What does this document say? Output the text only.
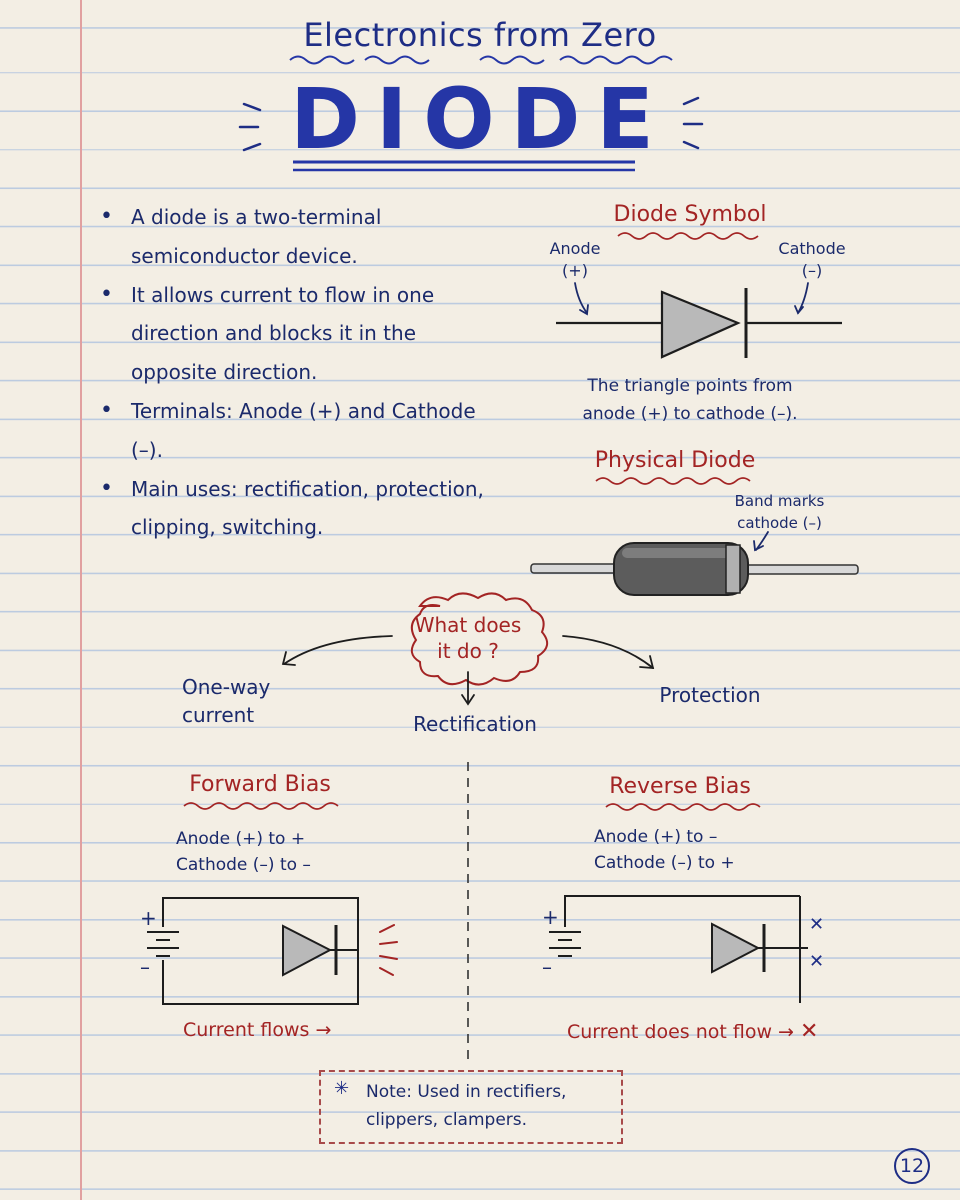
Electronics from Zero
DIODE
• A diode is a two-terminal semiconductor device.
• It allows current to flow in one direction and blocks it in the opposite direction.
• Terminals: Anode (+) and Cathode (–).
• Main uses: rectification, protection, clipping, switching.
Diode Symbol
Anode
(+)
Cathode
(–)
The triangle points from
anode (+) to cathode (–).
Physical Diode
Band marks
cathode (–)
What does
it do ?
One-way
current	Rectification
Protection
Forward Bias
Anode (+) to +
Cathode (–) to –
+
–
Current flows →
Reverse Bias
Anode (+) to –
Cathode (–) to +
+
–
✕
✕
Current does not flow → ✕
✳ Note: Used in rectifiers,
clippers, clampers.
12
